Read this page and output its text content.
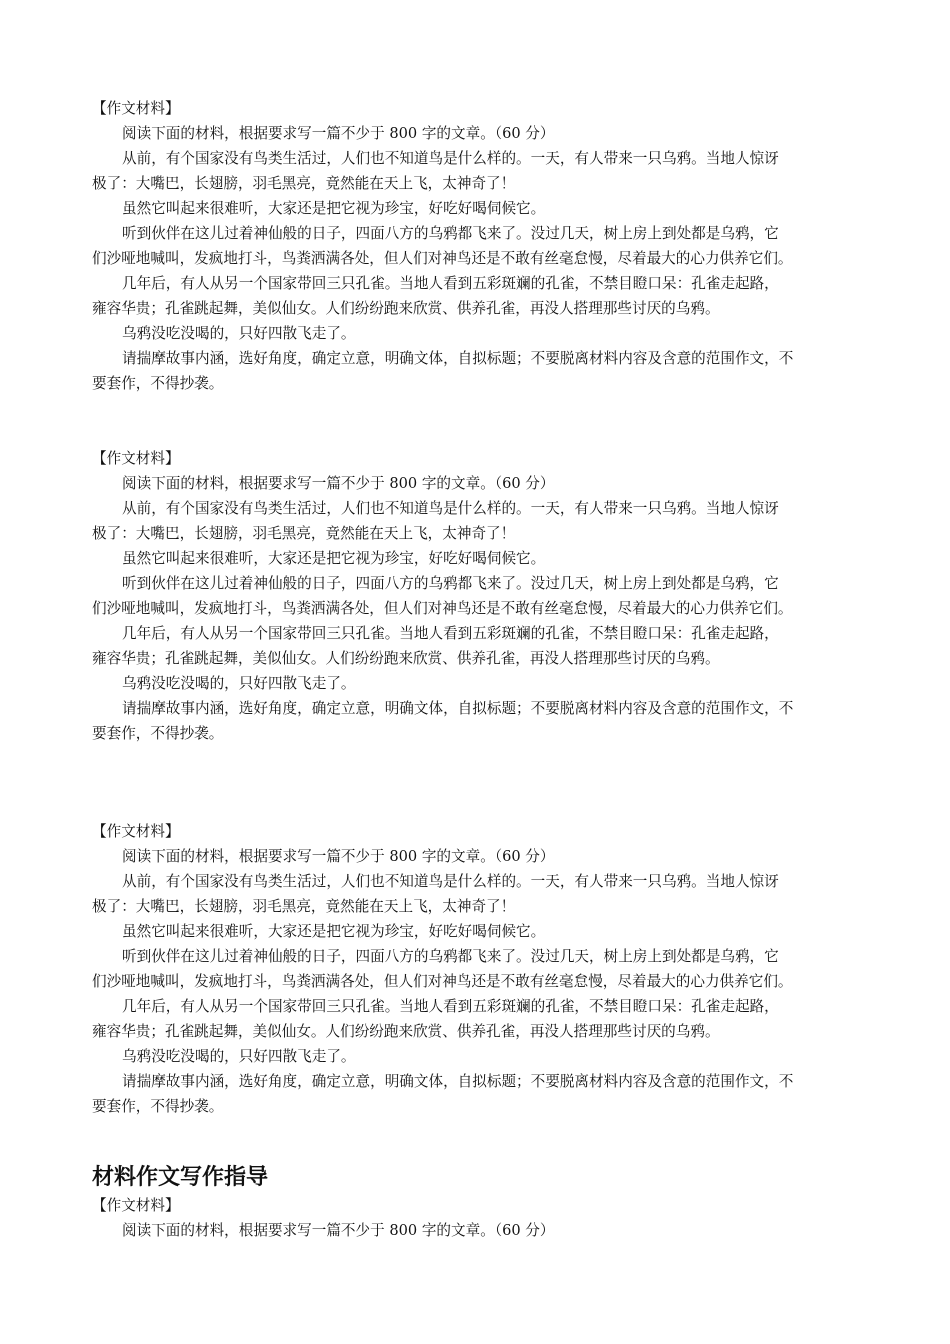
【作文材料】
阅读下面的材料，根据要求写一篇不少于 800 字的文章。（60 分）
从前，有个国家没有鸟类生活过，人们也不知道鸟是什么样的。一天，有人带来一只乌鸦。当地人惊讶
极了：大嘴巴，长翅膀，羽毛黑亮，竟然能在天上飞，太神奇了！
虽然它叫起来很难听，大家还是把它视为珍宝，好吃好喝伺候它。
听到伙伴在这儿过着神仙般的日子，四面八方的乌鸦都飞来了。没过几天，树上房上到处都是乌鸦，它
们沙哑地喊叫，发疯地打斗，鸟粪洒满各处，但人们对神鸟还是不敢有丝毫怠慢，尽着最大的心力供养它们。
几年后，有人从另一个国家带回三只孔雀。当地人看到五彩斑斓的孔雀，不禁目瞪口呆：孔雀走起路，
雍容华贵；孔雀跳起舞，美似仙女。人们纷纷跑来欣赏、供养孔雀，再没人搭理那些讨厌的乌鸦。
乌鸦没吃没喝的，只好四散飞走了。
请揣摩故事内涵，选好角度，确定立意，明确文体，自拟标题；不要脱离材料内容及含意的范围作文，不
要套作，不得抄袭。
【作文材料】
阅读下面的材料，根据要求写一篇不少于 800 字的文章。（60 分）
从前，有个国家没有鸟类生活过，人们也不知道鸟是什么样的。一天，有人带来一只乌鸦。当地人惊讶
极了：大嘴巴，长翅膀，羽毛黑亮，竟然能在天上飞，太神奇了！
虽然它叫起来很难听，大家还是把它视为珍宝，好吃好喝伺候它。
听到伙伴在这儿过着神仙般的日子，四面八方的乌鸦都飞来了。没过几天，树上房上到处都是乌鸦，它
们沙哑地喊叫，发疯地打斗，鸟粪洒满各处，但人们对神鸟还是不敢有丝毫怠慢，尽着最大的心力供养它们。
几年后，有人从另一个国家带回三只孔雀。当地人看到五彩斑斓的孔雀，不禁目瞪口呆：孔雀走起路，
雍容华贵；孔雀跳起舞，美似仙女。人们纷纷跑来欣赏、供养孔雀，再没人搭理那些讨厌的乌鸦。
乌鸦没吃没喝的，只好四散飞走了。
请揣摩故事内涵，选好角度，确定立意，明确文体，自拟标题；不要脱离材料内容及含意的范围作文，不
要套作，不得抄袭。
【作文材料】
阅读下面的材料，根据要求写一篇不少于 800 字的文章。（60 分）
从前，有个国家没有鸟类生活过，人们也不知道鸟是什么样的。一天，有人带来一只乌鸦。当地人惊讶
极了：大嘴巴，长翅膀，羽毛黑亮，竟然能在天上飞，太神奇了！
虽然它叫起来很难听，大家还是把它视为珍宝，好吃好喝伺候它。
听到伙伴在这儿过着神仙般的日子，四面八方的乌鸦都飞来了。没过几天，树上房上到处都是乌鸦，它
们沙哑地喊叫，发疯地打斗，鸟粪洒满各处，但人们对神鸟还是不敢有丝毫怠慢，尽着最大的心力供养它们。
几年后，有人从另一个国家带回三只孔雀。当地人看到五彩斑斓的孔雀，不禁目瞪口呆：孔雀走起路，
雍容华贵；孔雀跳起舞，美似仙女。人们纷纷跑来欣赏、供养孔雀，再没人搭理那些讨厌的乌鸦。
乌鸦没吃没喝的，只好四散飞走了。
请揣摩故事内涵，选好角度，确定立意，明确文体，自拟标题；不要脱离材料内容及含意的范围作文，不
要套作，不得抄袭。
材料作文写作指导
【作文材料】
阅读下面的材料，根据要求写一篇不少于 800 字的文章。（60 分）
